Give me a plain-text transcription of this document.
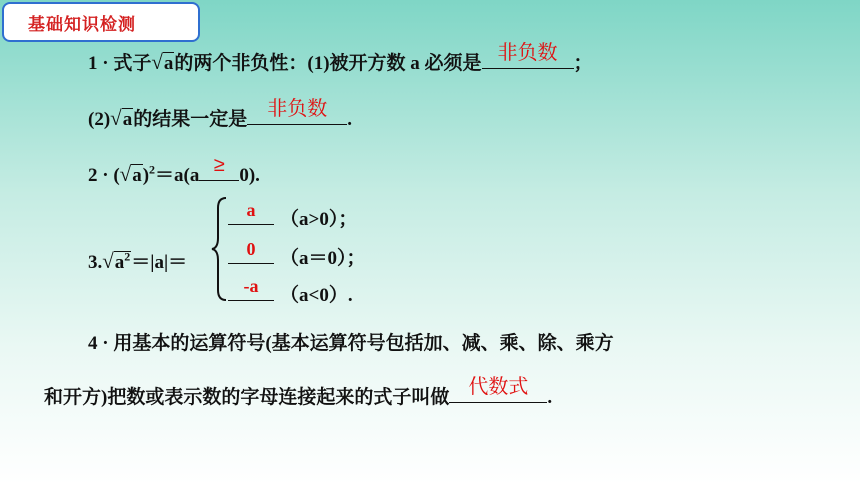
基础知识检测
1 · 式子√a的两个非负性：(1)被开方数 a 必须是 非负数 ；
(2)√a的结果一定是	非负数	.
$2 \cdot (√a)^2=a(a \ge 0)$.
$3.√a^2=|a|=$
a	（a>0）；
0	（a＝0）；
-a	（a<0）.
4 · 用基本的运算符号(基本运算符号包括加、减、乘、除、乘方
和开方)把数或表示数的字母连接起来的式子叫做 代数式	.
